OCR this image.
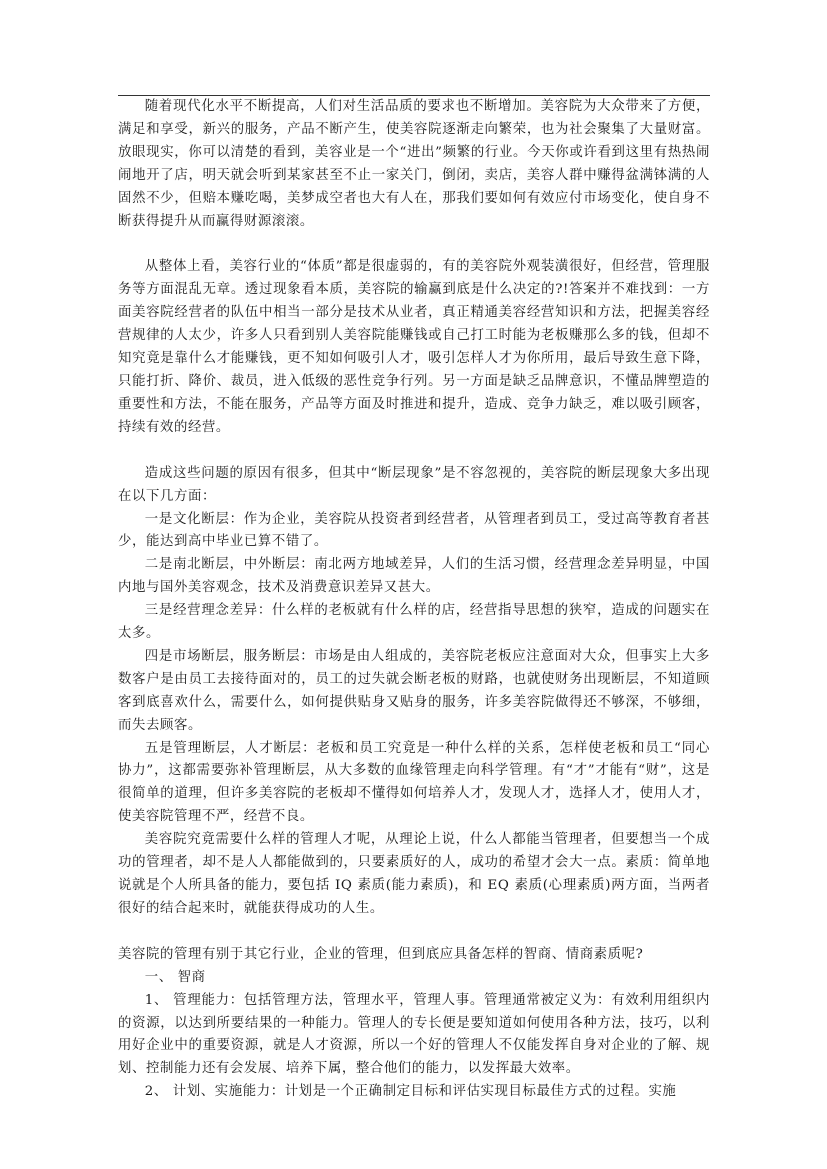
随着现代化水平不断提高，人们对生活品质的要求也不断增加。美容院为大众带来了方便，满足和享受，新兴的服务，产品不断产生，使美容院逐渐走向繁荣，也为社会聚集了大量财富。放眼现实，你可以清楚的看到，美容业是一个“进出”频繁的行业。今天你或许看到这里有热热闹闹地开了店，明天就会听到某家甚至不止一家关门，倒闭，卖店，美容人群中赚得盆满钵满的人固然不少，但赔本赚吃喝，美梦成空者也大有人在，那我们要如何有效应付市场变化，使自身不断获得提升从而赢得财源滚滚。

从整体上看，美容行业的“体质”都是很虚弱的，有的美容院外观装潢很好，但经营，管理服务等方面混乱无章。透过现象看本质，美容院的输赢到底是什么决定的?!答案并不难找到：一方面美容院经营者的队伍中相当一部分是技术从业者，真正精通美容经营知识和方法，把握美容经营规律的人太少，许多人只看到别人美容院能赚钱或自己打工时能为老板赚那么多的钱，但却不知究竟是靠什么才能赚钱，更不知如何吸引人才，吸引怎样人才为你所用，最后导致生意下降，只能打折、降价、裁员，进入低级的恶性竞争行列。另一方面是缺乏品牌意识，不懂品牌塑造的重要性和方法，不能在服务，产品等方面及时推进和提升，造成、竞争力缺乏，难以吸引顾客，持续有效的经营。

造成这些问题的原因有很多，但其中“断层现象”是不容忽视的，美容院的断层现象大多出现在以下几方面：

一是文化断层：作为企业，美容院从投资者到经营者，从管理者到员工，受过高等教育者甚少，能达到高中毕业已算不错了。

二是南北断层，中外断层：南北两方地域差异，人们的生活习惯，经营理念差异明显，中国内地与国外美容观念，技术及消费意识差异又甚大。

三是经营理念差异：什么样的老板就有什么样的店，经营指导思想的狭窄，造成的问题实在太多。

四是市场断层，服务断层：市场是由人组成的，美容院老板应注意面对大众，但事实上大多数客户是由员工去接待面对的，员工的过失就会断老板的财路，也就使财务出现断层，不知道顾客到底喜欢什么，需要什么，如何提供贴身又贴身的服务，许多美容院做得还不够深，不够细，而失去顾客。

五是管理断层，人才断层：老板和员工究竟是一种什么样的关系，怎样使老板和员工“同心协力”，这都需要弥补管理断层，从大多数的血缘管理走向科学管理。有“才”才能有“财”，这是很简单的道理，但许多美容院的老板却不懂得如何培养人才，发现人才，选择人才，使用人才，使美容院管理不严，经营不良。

美容院究竟需要什么样的管理人才呢，从理论上说，什么人都能当管理者，但要想当一个成功的管理者，却不是人人都能做到的，只要素质好的人，成功的希望才会大一点。素质：简单地说就是个人所具备的能力，要包括 IQ 素质(能力素质)，和 EQ 素质(心理素质)两方面，当两者很好的结合起来时，就能获得成功的人生。

美容院的管理有别于其它行业，企业的管理，但到底应具备怎样的智商、情商素质呢?

一、 智商

1、 管理能力：包括管理方法，管理水平，管理人事。管理通常被定义为：有效利用组织内的资源，以达到所要结果的一种能力。管理人的专长便是要知道如何使用各种方法，技巧，以利用好企业中的重要资源，就是人才资源，所以一个好的管理人不仅能发挥自身对企业的了解、规划、控制能力还有会发展、培养下属，整合他们的能力，以发挥最大效率。

2、 计划、实施能力：计划是一个正确制定目标和评估实现目标最佳方式的过程。实施
